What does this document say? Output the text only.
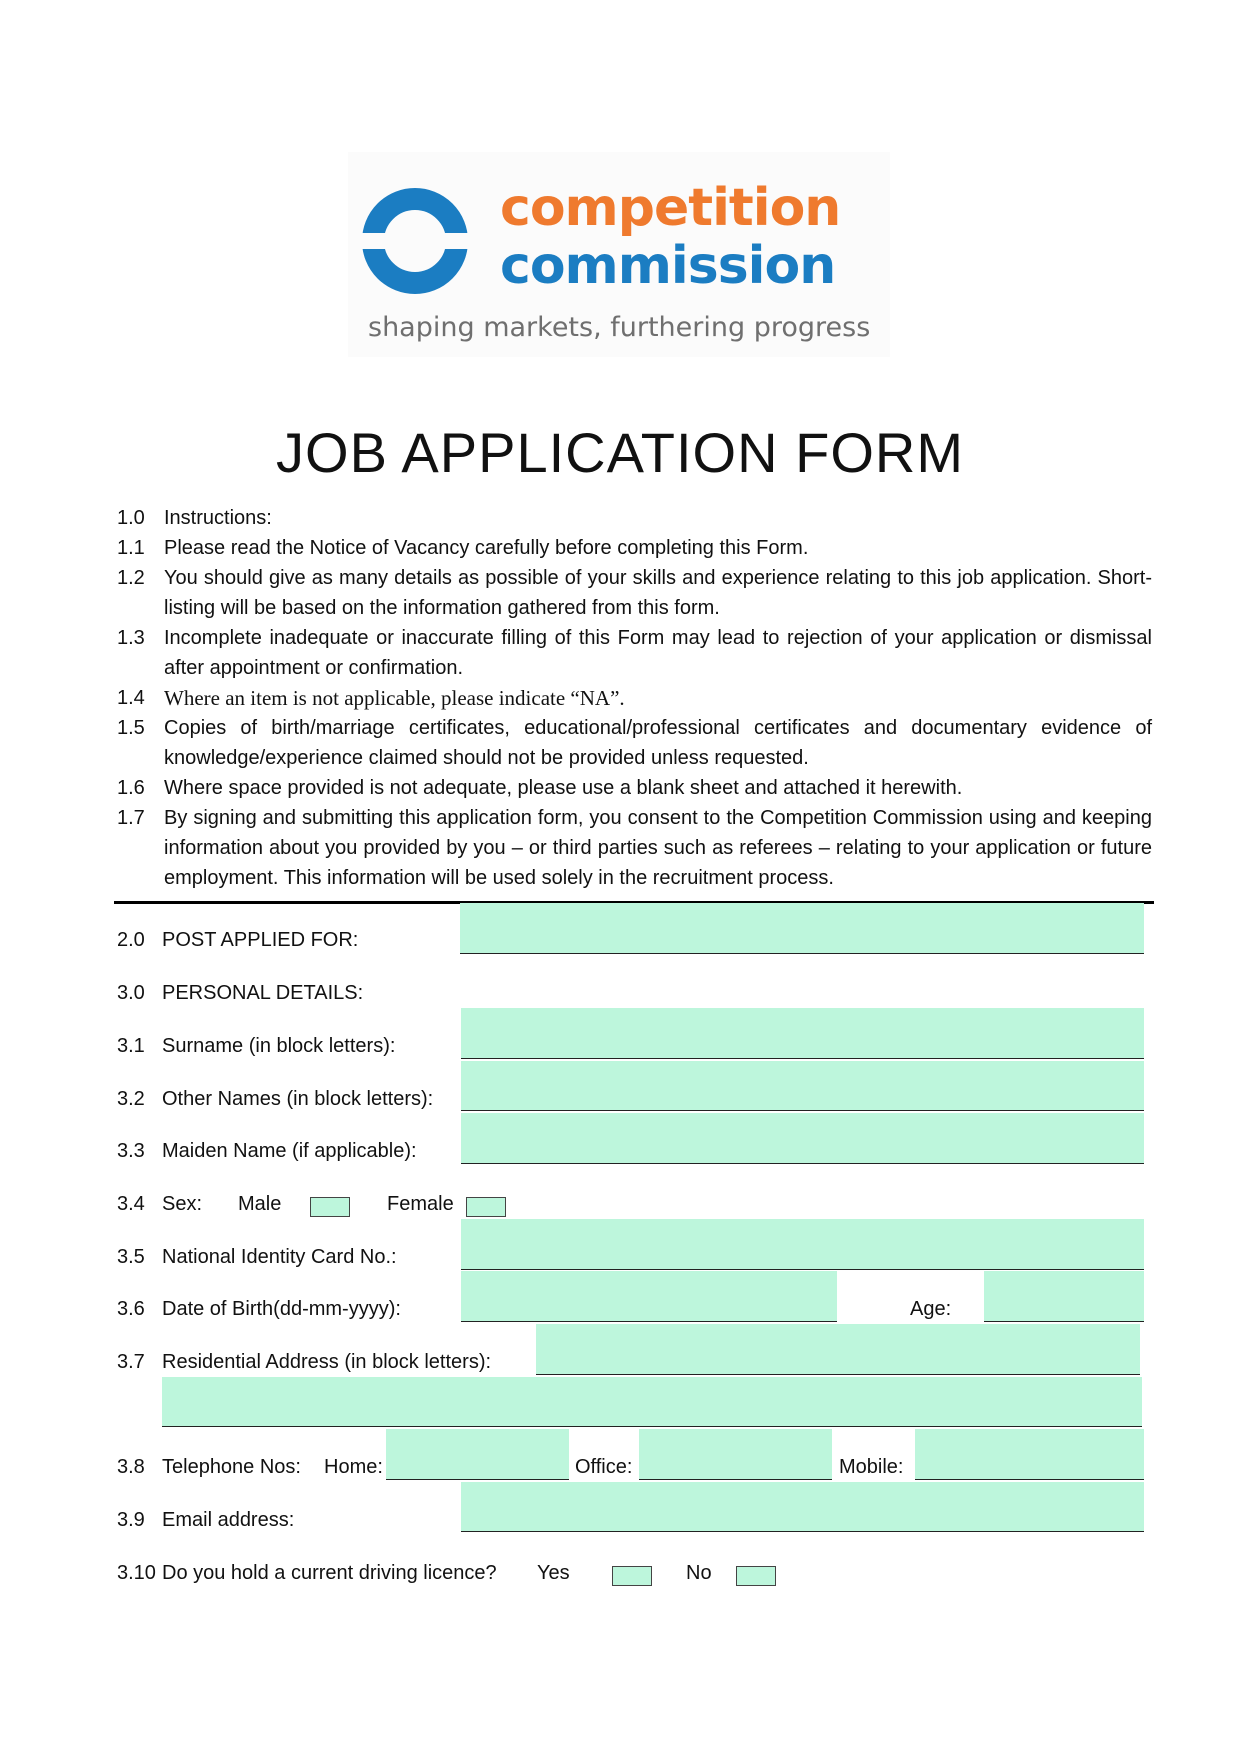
competition
commission
shaping markets, furthering progress
JOB APPLICATION FORM
1.0 Instructions:
1.1 Please read the Notice of Vacancy carefully before completing this Form.
1.2 You should give as many details as possible of your skills and experience relating to this job application. Short-listing will be based on the information gathered from this form.
1.3 Incomplete inadequate or inaccurate filling of this Form may lead to rejection of your application or dismissal after appointment or confirmation.
1.4 Where an item is not applicable, please indicate “NA”.
1.5 Copies of birth/marriage certificates, educational/professional certificates and documentary evidence of knowledge/experience claimed should not be provided unless requested.
1.6 Where space provided is not adequate, please use a blank sheet and attached it herewith.
1.7 By signing and submitting this application form, you consent to the Competition Commission using and keeping information about you provided by you – or third parties such as referees – relating to your application or future employment. This information will be used solely in the recruitment process.
2.0 POST APPLIED FOR:
3.0 PERSONAL DETAILS:
3.1 Surname (in block letters):
3.2 Other Names (in block letters):
3.3 Maiden Name (if applicable):
3.4 Sex: Male	Female
3.5 National Identity Card No.:
3.6 Date of Birth(dd-mm-yyyy):	Age:
3.7 Residential Address (in block letters):
3.8 Telephone Nos: Home:	Office:	Mobile:
3.9 Email address:
3.10 Do you hold a current driving licence? Yes	No
